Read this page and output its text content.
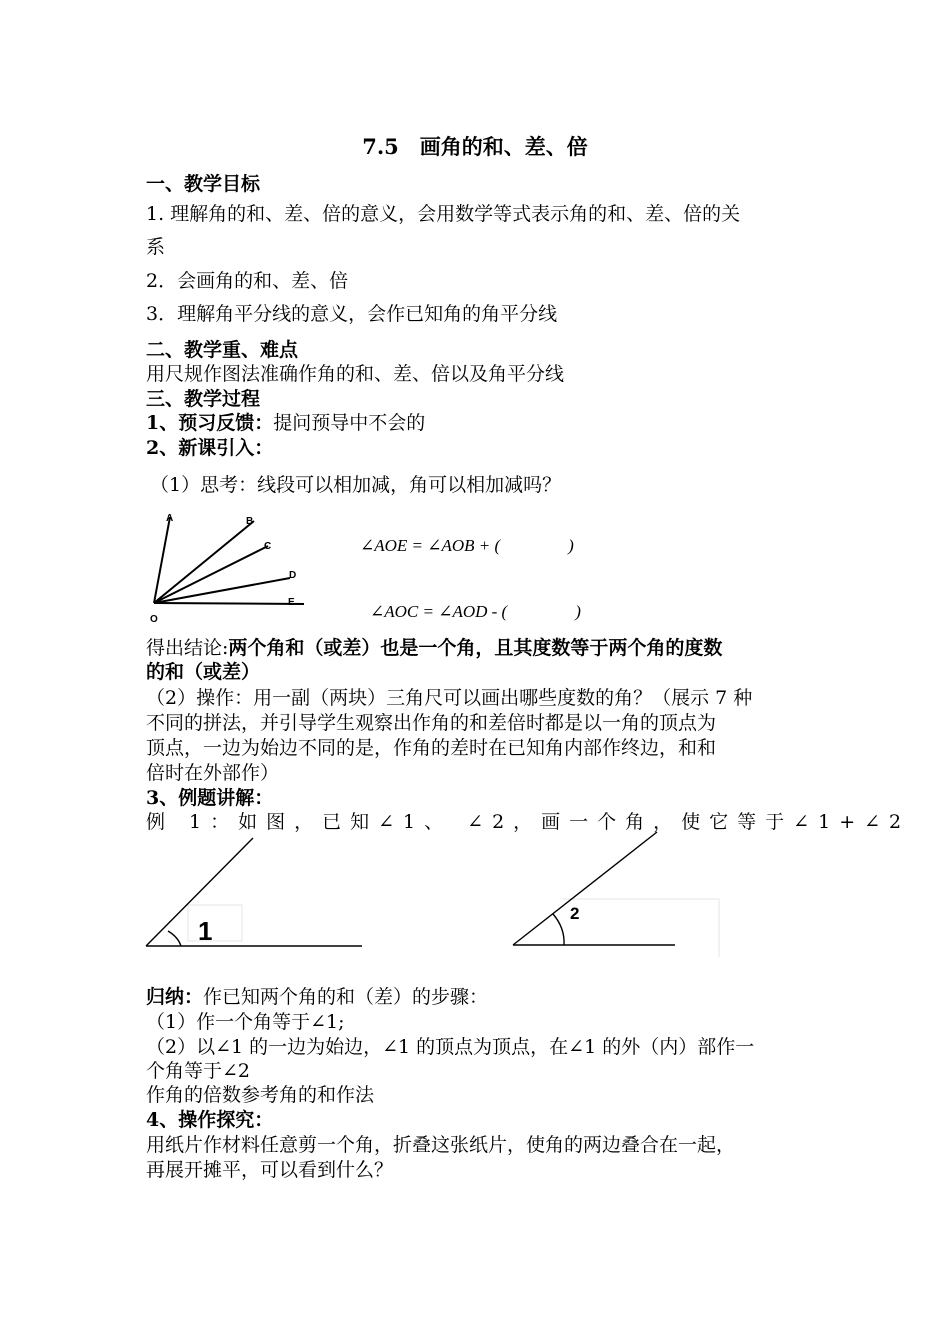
7.5　画角的和、差、倍
一、教学目标
1. 理解角的和、差、倍的意义，会用数学等式表示角的和、差、倍的关
系
2．会画角的和、差、倍
3．理解角平分线的意义，会作已知角的角平分线
二、教学重、难点
用尺规作图法准确作角的和、差、倍以及角平分线
三、教学过程
1、预习反馈：提问预导中不会的
2、新课引入：
（1）思考：线段可以相加减，角可以相加减吗？
A	B
C
D
E
O
∠AOE = ∠AOB + (　　　　)
∠AOC = ∠AOD - (　　　　)
得出结论:两个角和（或差）也是一个角，且其度数等于两个角的度数
的和（或差）
（2）操作：用一副（两块）三角尺可以画出哪些度数的角？（展示 7 种
不同的拼法，并引导学生观察出作角的和差倍时都是以一角的顶点为
顶点，一边为始边不同的是，作角的差时在已知角内部作终边，和和
倍时在外部作）
3、例题讲解：
例 1：如图，已知∠1、 ∠2，画一个角，使它等于∠1+∠2
1
2
归纳：作已知两个角的和（差）的步骤：
（1）作一个角等于∠1;
（2）以∠1 的一边为始边，∠1 的顶点为顶点，在∠1 的外（内）部作一
个角等于∠2
作角的倍数参考角的和作法
4、操作探究：
用纸片作材料任意剪一个角，折叠这张纸片，使角的两边叠合在一起，
再展开摊平，可以看到什么？
